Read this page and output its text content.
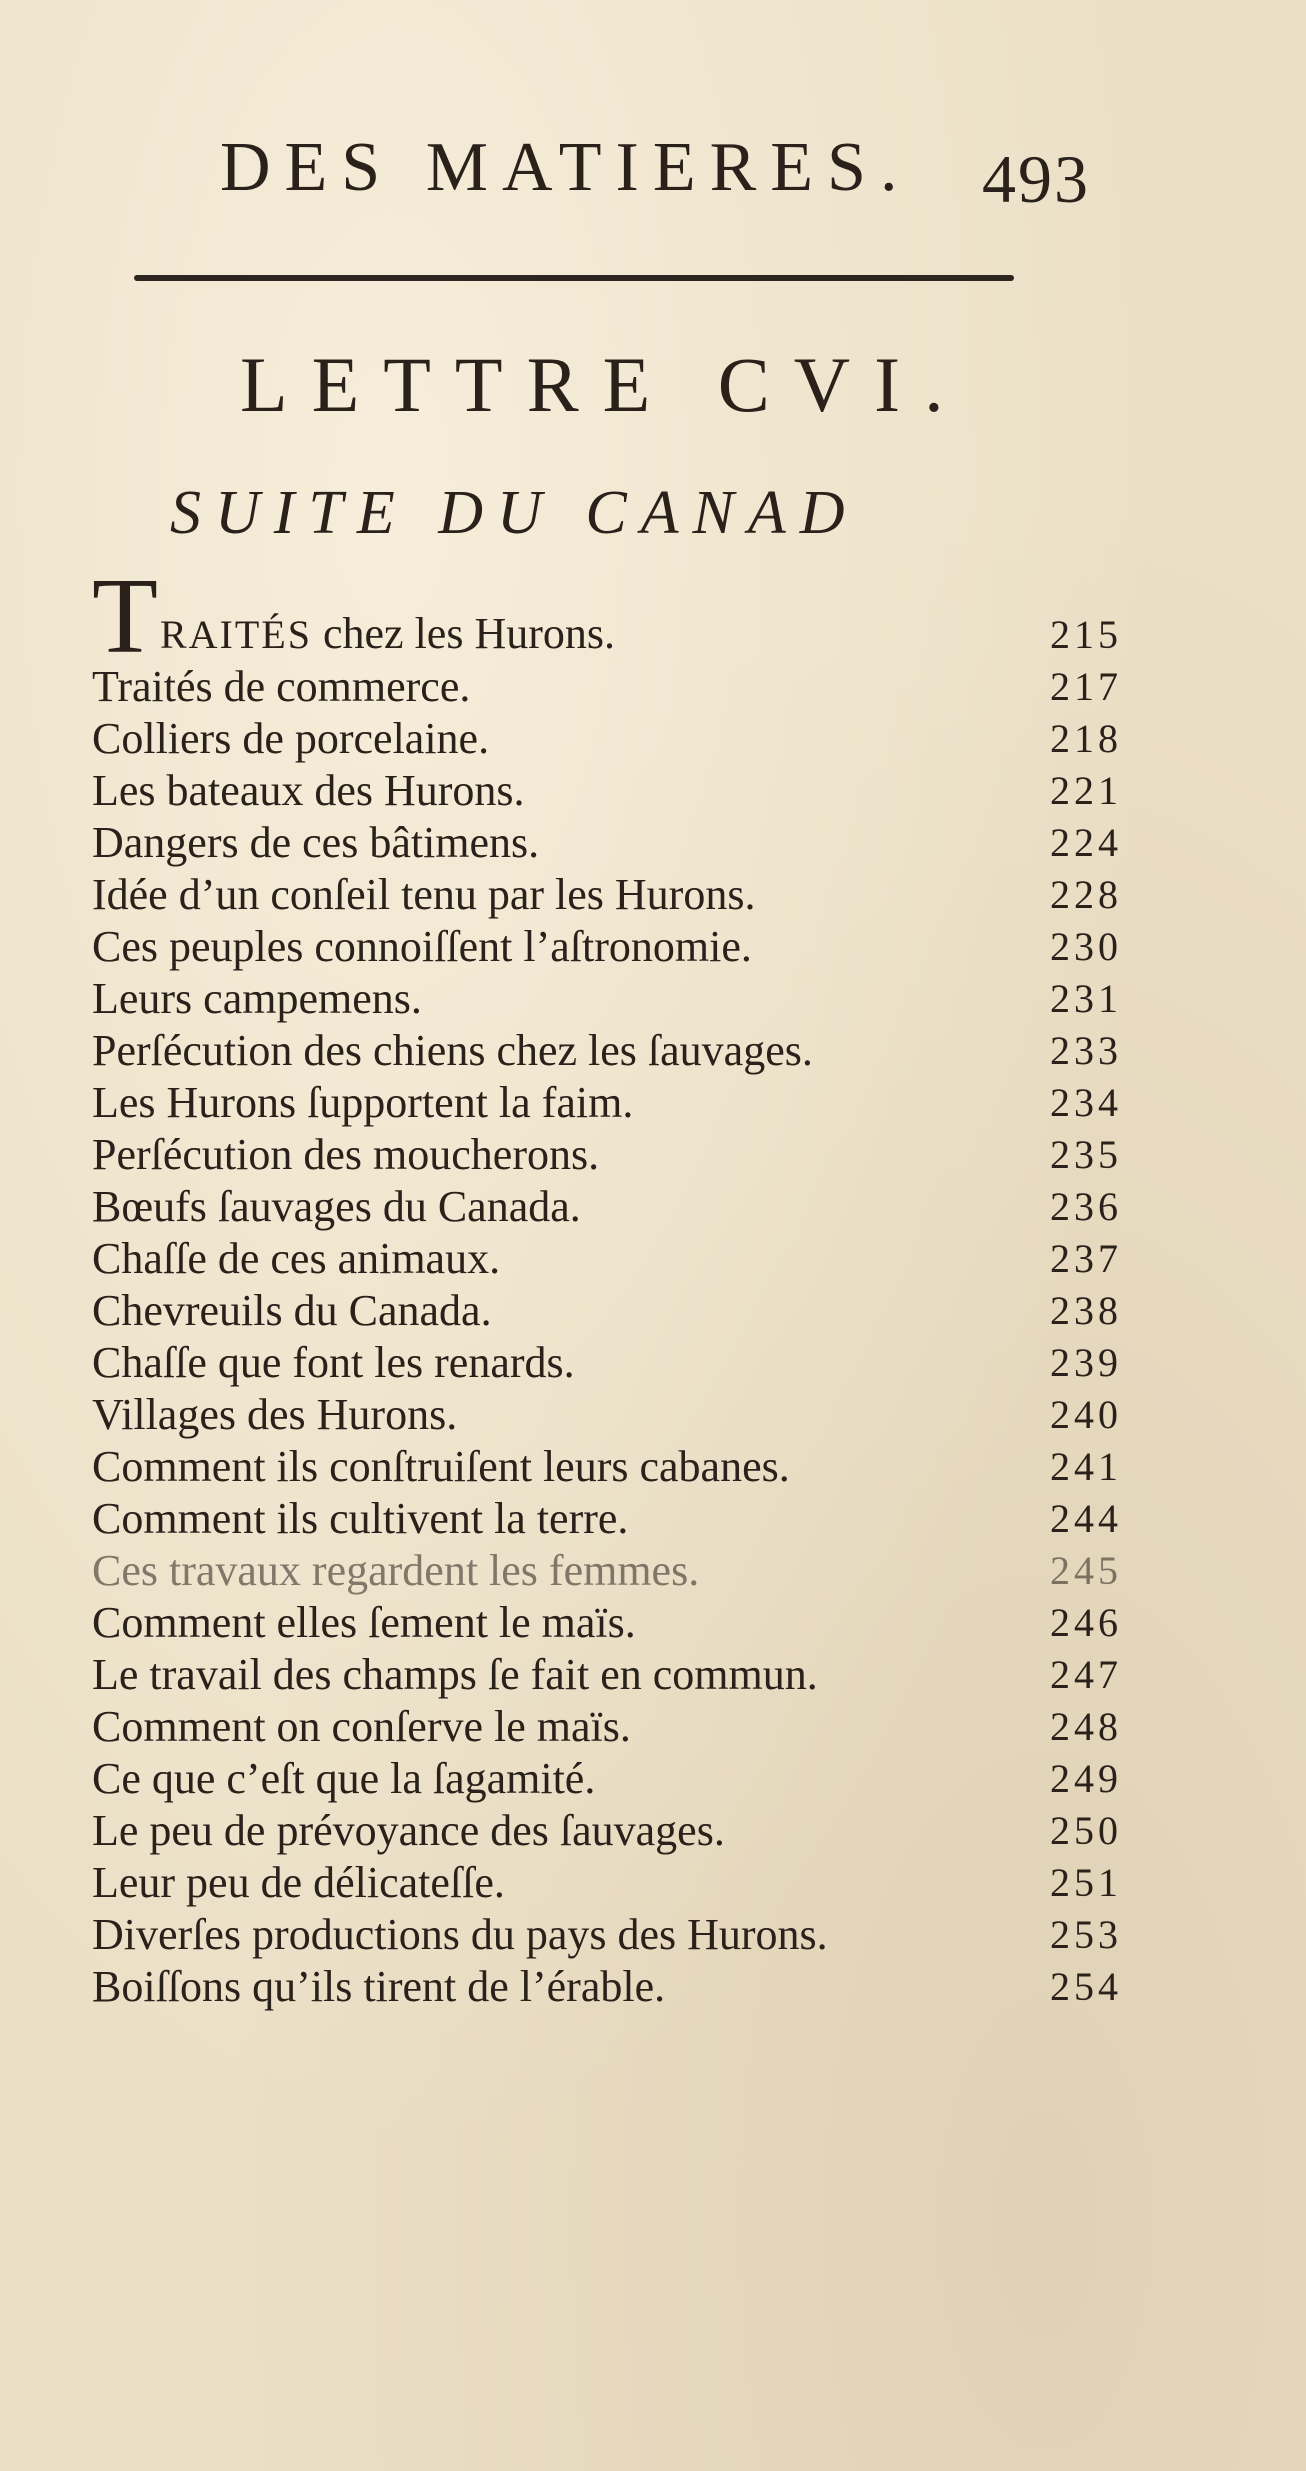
DES MATIERES. 493
LETTRE CVI.
SUITE DU CANAD
TRAITÉS chez les Hurons.	215
Traités de commerce.	217
Colliers de porcelaine.	218
Les bateaux des Hurons.	221
Dangers de ces bâtimens.	224
Idée d’un conſeil tenu par les Hurons.	228
Ces peuples connoiſſent l’aſtronomie.	230
Leurs campemens.	231
Perſécution des chiens chez les ſauvages.	233
Les Hurons ſupportent la faim.	234
Perſécution des moucherons.	235
Bœufs ſauvages du Canada.	236
Chaſſe de ces animaux.	237
Chevreuils du Canada.	238
Chaſſe que font les renards.	239
Villages des Hurons.	240
Comment ils conſtruiſent leurs cabanes.	241
Comment ils cultivent la terre.	244
Ces travaux regardent les femmes.	245
Comment elles ſement le maïs.	246
Le travail des champs ſe fait en commun.	247
Comment on conſerve le maïs.	248
Ce que c’eſt que la ſagamité.	249
Le peu de prévoyance des ſauvages.	250
Leur peu de délicateſſe.	251
Diverſes productions du pays des Hurons.	253
Boiſſons qu’ils tirent de l’érable.	254
